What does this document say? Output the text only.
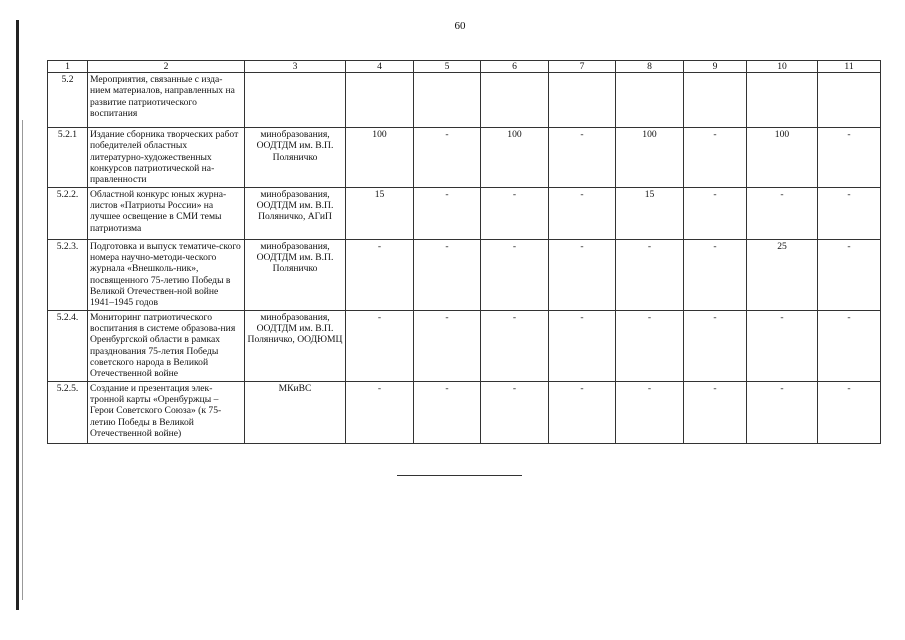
60
1	2	3	4	5	6	7	8	9	10	11
5.2	Мероприятия, связанные с изда-нием материалов, направленных на развитие патриотического воспитания									
5.2.1	Издание сборника творческих работ победителей областных литературно-художественных конкурсов патриотической на-правленности	минобразования, ООДТДМ им. В.П. Поляничко	100	-	100	-	100	-	100	-
5.2.2.	Областной конкурс юных журна-листов «Патриоты России» на лучшее освещение в СМИ темы патриотизма	минобразования, ООДТДМ им. В.П. Поляничко, АГиП	15	-	-	-	15	-	-	-
5.2.3.	Подготовка и выпуск тематиче-ского номера научно-методи-ческого журнала «Внешколь-ник», посвященного 75-летию Победы в Великой Отечествен-ной войне 1941–1945 годов	минобразования, ООДТДМ им. В.П. Поляничко	-	-	-	-	-	-	25	-
5.2.4.	Мониторинг патриотического воспитания в системе образова-ния Оренбургской области в рамках празднования 75-летия Победы советского народа в Великой Отечественной войне	минобразования, ООДТДМ им. В.П. Поляничко, ООДЮМЦ	-	-	-	-	-	-	-	-
5.2.5.	Создание и презентация элек-тронной карты «Оренбуржцы – Герои Советского Союза» (к 75-летию Победы в Великой Отечественной войне)	МКиВС	-	-	-	-	-	-	-	-
